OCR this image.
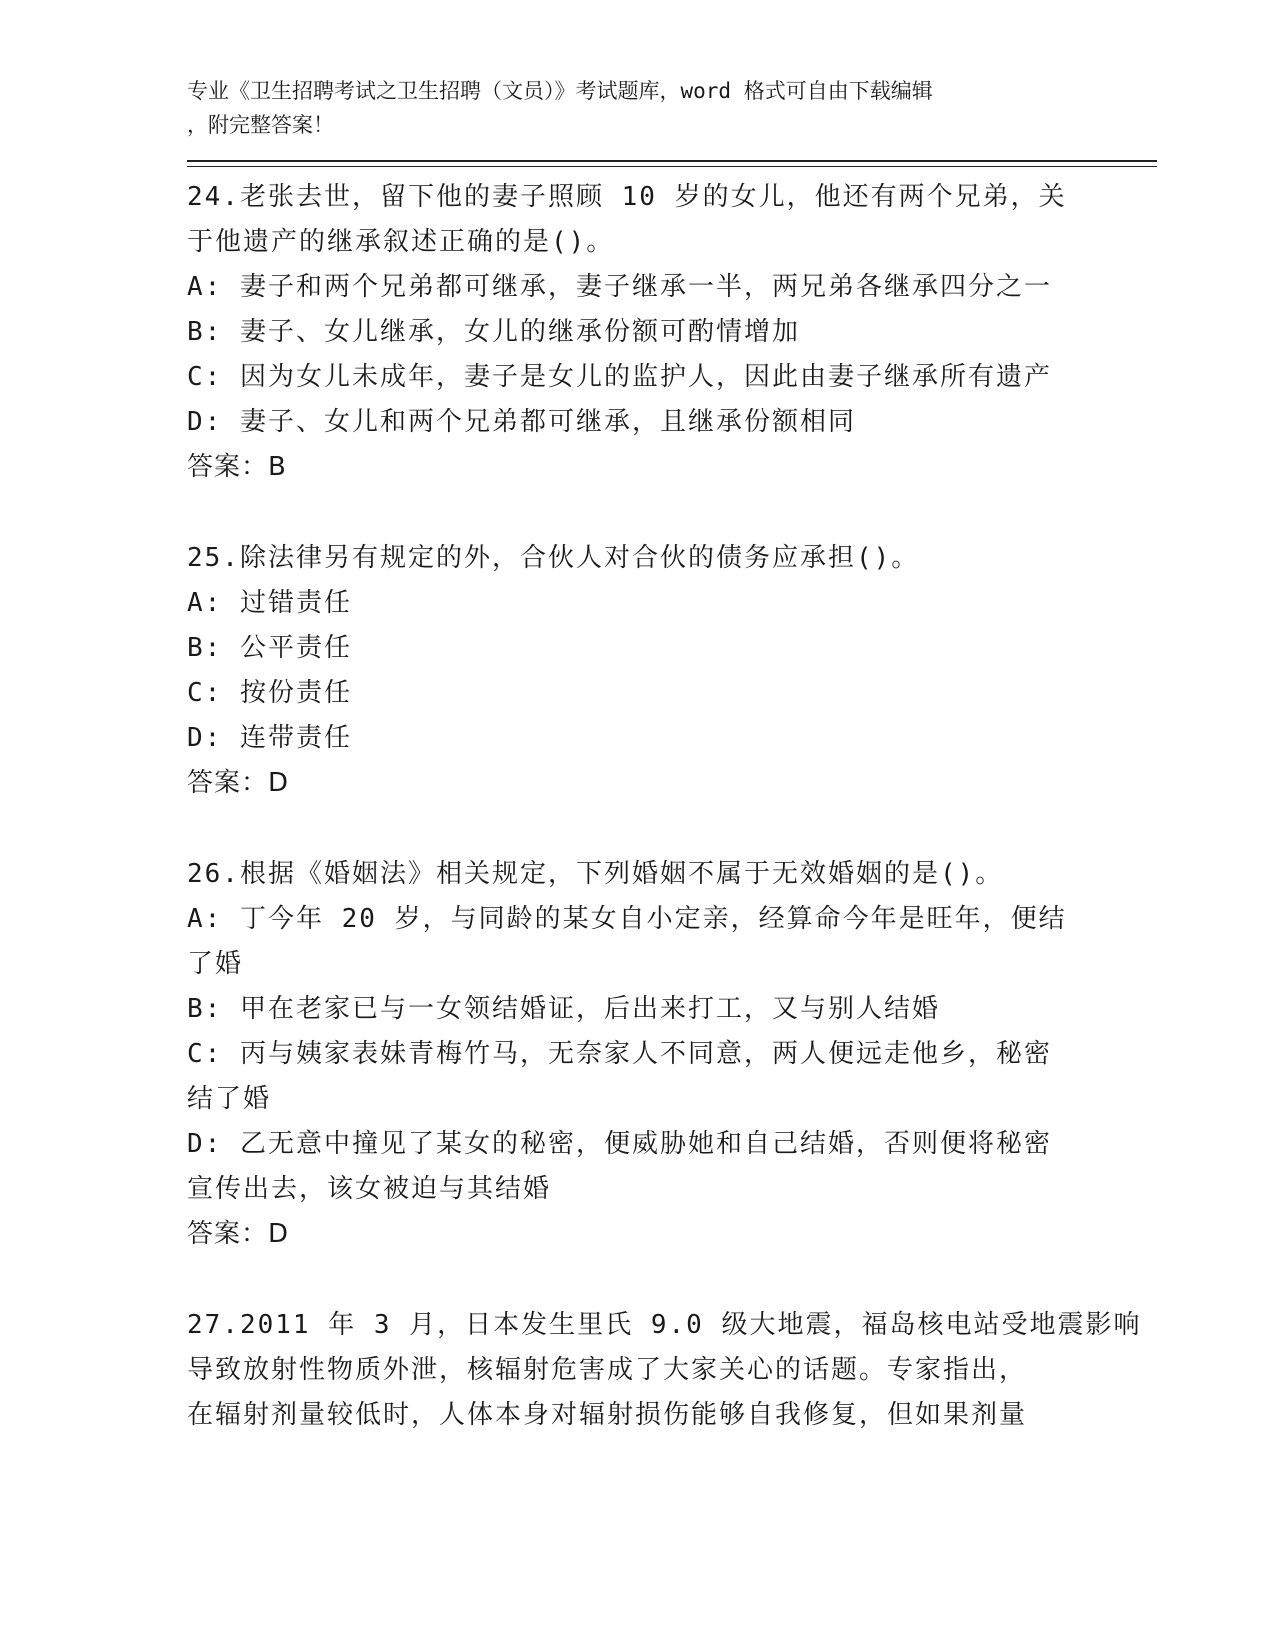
专业《卫生招聘考试之卫生招聘（文员）》考试题库，word 格式可自由下载编辑
，附完整答案！
24.老张去世，留下他的妻子照顾 10 岁的女儿，他还有两个兄弟，关
于他遗产的继承叙述正确的是()。
A: 妻子和两个兄弟都可继承，妻子继承一半，两兄弟各继承四分之一
B: 妻子、女儿继承，女儿的继承份额可酌情增加
C: 因为女儿未成年，妻子是女儿的监护人，因此由妻子继承所有遗产
D: 妻子、女儿和两个兄弟都可继承，且继承份额相同
答案：B
25.除法律另有规定的外，合伙人对合伙的债务应承担()。
A: 过错责任
B: 公平责任
C: 按份责任
D: 连带责任
答案：D
26.根据《婚姻法》相关规定，下列婚姻不属于无效婚姻的是()。
A: 丁今年 20 岁，与同龄的某女自小定亲，经算命今年是旺年，便结
了婚
B: 甲在老家已与一女领结婚证，后出来打工，又与别人结婚
C: 丙与姨家表妹青梅竹马，无奈家人不同意，两人便远走他乡，秘密
结了婚
D: 乙无意中撞见了某女的秘密，便威胁她和自己结婚，否则便将秘密
宣传出去，该女被迫与其结婚
答案：D
27.2011 年 3 月，日本发生里氏 9.0 级大地震，福岛核电站受地震影响
导致放射性物质外泄，核辐射危害成了大家关心的话题。专家指出，
在辐射剂量较低时，人体本身对辐射损伤能够自我修复，但如果剂量
